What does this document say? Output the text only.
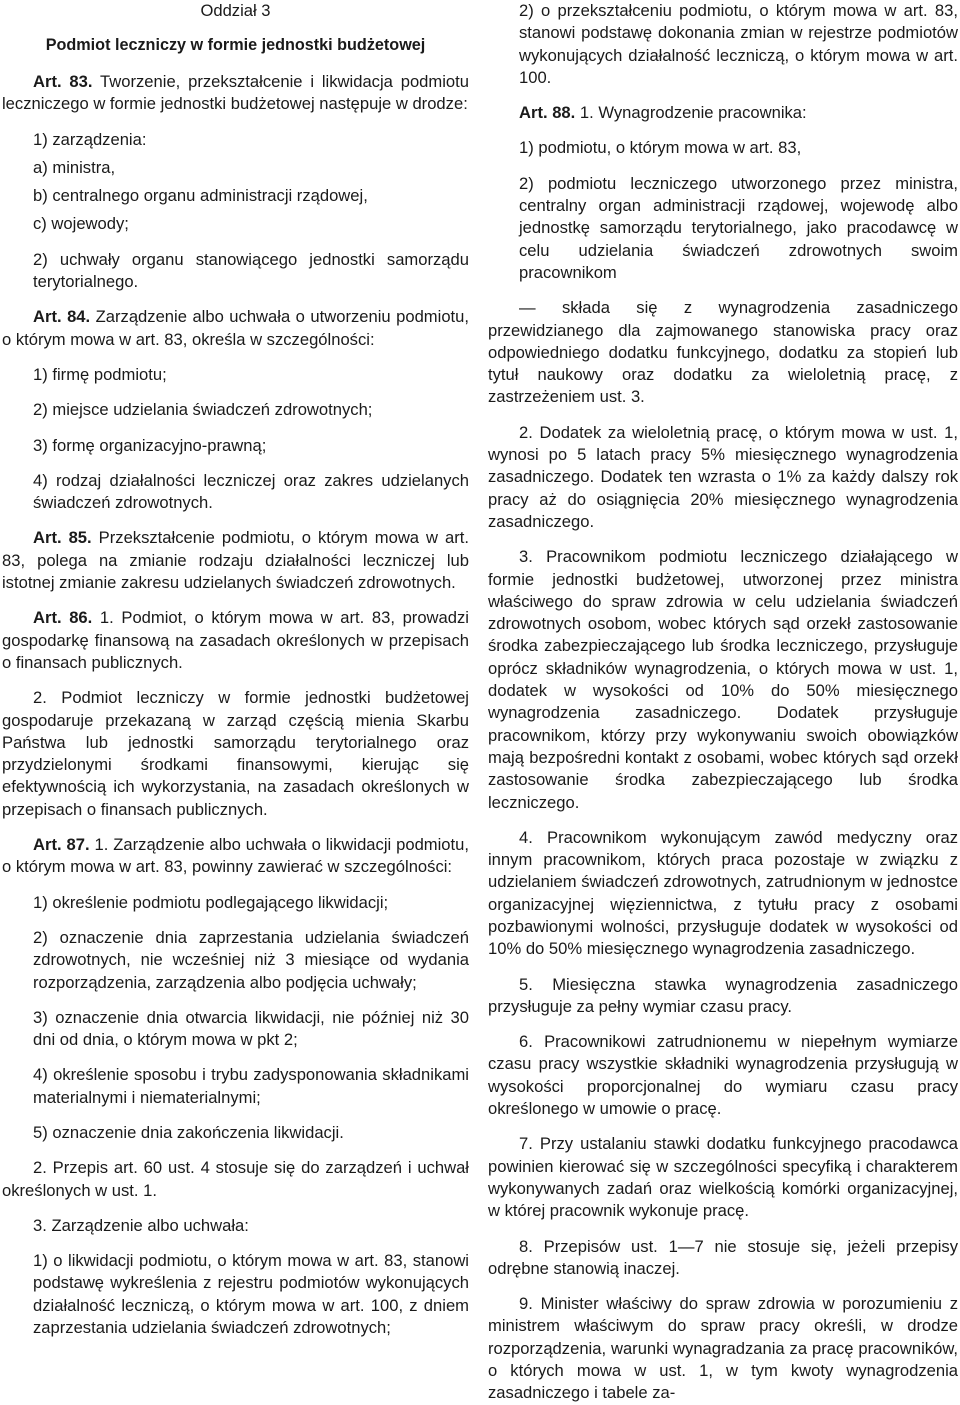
Oddział 3
Podmiot leczniczy w formie jednostki budżetowej

Art. 83. Tworzenie, przekształcenie i likwidacja podmiotu leczniczego w formie jednostki budżetowej następuje w drodze:

1) zarządzenia:

a) ministra,

b) centralnego organu administracji rządowej,

c) wojewody;

2) uchwały organu stanowiącego jednostki samorządu terytorialnego.

Art. 84. Zarządzenie albo uchwała o utworzeniu podmiotu, o którym mowa w art. 83, określa w szczególności:

1) firmę podmiotu;

2) miejsce udzielania świadczeń zdrowotnych;

3) formę organizacyjno-prawną;

4) rodzaj działalności leczniczej oraz zakres udzielanych świadczeń zdrowotnych.

Art. 85. Przekształcenie podmiotu, o którym mowa w art. 83, polega na zmianie rodzaju działalności leczniczej lub istotnej zmianie zakresu udzielanych świadczeń zdrowotnych.

Art. 86. 1. Podmiot, o którym mowa w art. 83, prowadzi gospodarkę finansową na zasadach określonych w przepisach o finansach publicznych.

2. Podmiot leczniczy w formie jednostki budżetowej gospodaruje przekazaną w zarząd częścią mienia Skarbu Państwa lub jednostki samorządu terytorialnego oraz przydzielonymi środkami finansowymi, kierując się efektywnością ich wykorzystania, na zasadach określonych w przepisach o finansach publicznych.

Art. 87. 1. Zarządzenie albo uchwała o likwidacji podmiotu, o którym mowa w art. 83, powinny zawierać w szczególności:

1) określenie podmiotu podlegającego likwidacji;

2) oznaczenie dnia zaprzestania udzielania świadczeń zdrowotnych, nie wcześniej niż 3 miesiące od wydania rozporządzenia, zarządzenia albo podjęcia uchwały;

3) oznaczenie dnia otwarcia likwidacji, nie później niż 30 dni od dnia, o którym mowa w pkt 2;

4) określenie sposobu i trybu zadysponowania składnikami materialnymi i niematerialnymi;

5) oznaczenie dnia zakończenia likwidacji.

2. Przepis art. 60 ust. 4 stosuje się do zarządzeń i uchwał określonych w ust. 1.

3. Zarządzenie albo uchwała:

1) o likwidacji podmiotu, o którym mowa w art. 83, stanowi podstawę wykreślenia z rejestru podmiotów wykonujących działalność leczniczą, o którym mowa w art. 100, z dniem zaprzestania udzielania świadczeń zdrowotnych;

2) o przekształceniu podmiotu, o którym mowa w art. 83, stanowi podstawę dokonania zmian w rejestrze podmiotów wykonujących działalność leczniczą, o którym mowa w art. 100.

Art. 88. 1. Wynagrodzenie pracownika:

1) podmiotu, o którym mowa w art. 83,

2) podmiotu leczniczego utworzonego przez ministra, centralny organ administracji rządowej, wojewodę albo jednostkę samorządu terytorialnego, jako pracodawcę w celu udzielania świadczeń zdrowotnych swoim pracownikom

— składa się z wynagrodzenia zasadniczego przewidzianego dla zajmowanego stanowiska pracy oraz odpowiedniego dodatku funkcyjnego, dodatku za stopień lub tytuł naukowy oraz dodatku za wieloletnią pracę, z zastrzeżeniem ust. 3.

2. Dodatek za wieloletnią pracę, o którym mowa w ust. 1, wynosi po 5 latach pracy 5% miesięcznego wynagrodzenia zasadniczego. Dodatek ten wzrasta o 1% za każdy dalszy rok pracy aż do osiągnięcia 20% miesięcznego wynagrodzenia zasadniczego.

3. Pracownikom podmiotu leczniczego działającego w formie jednostki budżetowej, utworzonej przez ministra właściwego do spraw zdrowia w celu udzielania świadczeń zdrowotnych osobom, wobec których sąd orzekł zastosowanie środka zabezpieczającego lub środka leczniczego, przysługuje oprócz składników wynagrodzenia, o których mowa w ust. 1, dodatek w wysokości od 10% do 50% miesięcznego wynagrodzenia zasadniczego. Dodatek przysługuje pracownikom, którzy przy wykonywaniu swoich obowiązków mają bezpośredni kontakt z osobami, wobec których sąd orzekł zastosowanie środka zabezpieczającego lub środka leczniczego.

4. Pracownikom wykonującym zawód medyczny oraz innym pracownikom, których praca pozostaje w związku z udzielaniem świadczeń zdrowotnych, zatrudnionym w jednostce organizacyjnej więziennictwa, z tytułu pracy z osobami pozbawionymi wolności, przysługuje dodatek w wysokości od 10% do 50% miesięcznego wynagrodzenia zasadniczego.

5. Miesięczna stawka wynagrodzenia zasadniczego przysługuje za pełny wymiar czasu pracy.

6. Pracownikowi zatrudnionemu w niepełnym wymiarze czasu pracy wszystkie składniki wynagrodzenia przysługują w wysokości proporcjonalnej do wymiaru czasu pracy określonego w umowie o pracę.

7. Przy ustalaniu stawki dodatku funkcyjnego pracodawca powinien kierować się w szczególności specyfiką i charakterem wykonywanych zadań oraz wielkością komórki organizacyjnej, w której pracownik wykonuje pracę.

8. Przepisów ust. 1—7 nie stosuje się, jeżeli przepisy odrębne stanowią inaczej.

9. Minister właściwy do spraw zdrowia w porozumieniu z ministrem właściwym do spraw pracy określi, w drodze rozporządzenia, warunki wynagradzania za pracę pracowników, o których mowa w ust. 1, w tym kwoty wynagrodzenia zasadniczego i tabele za-
